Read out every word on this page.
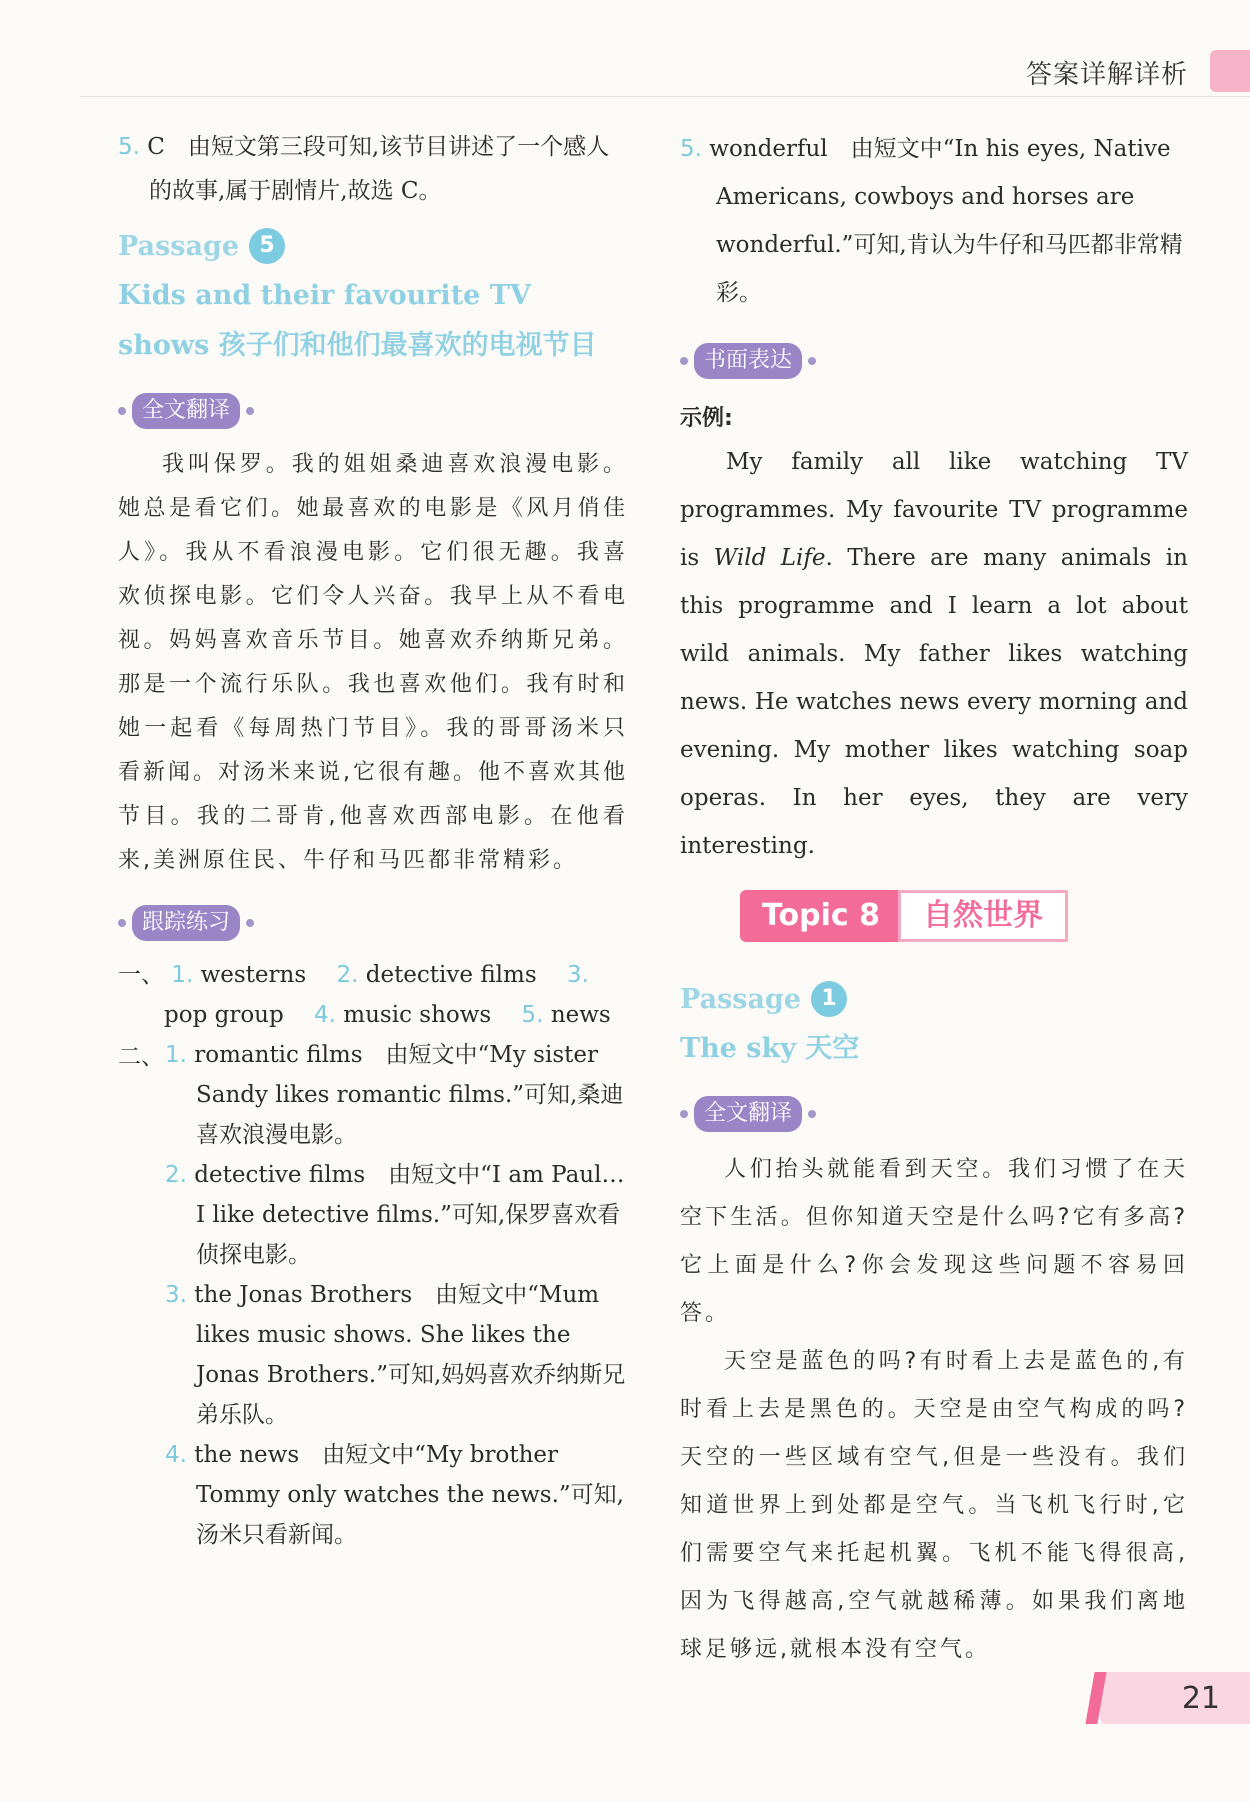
答案详解详析

5. C　由短文第三段可知,该节目讲述了一个感人的故事,属于剧情片,故选 C。

Passage 5
Kids and their favourite TV shows 孩子们和他们最喜欢的电视节目
全文翻译

我叫保罗。我的姐姐桑迪喜欢浪漫电影。她总是看它们。她最喜欢的电影是《风月俏佳人》。我从不看浪漫电影。它们很无趣。我喜欢侦探电影。它们令人兴奋。我早上从不看电视。妈妈喜欢音乐节目。她喜欢乔纳斯兄弟。那是一个流行乐队。我也喜欢他们。我有时和她一起看《每周热门节目》。我的哥哥汤米只看新闻。对汤米来说,它很有趣。他不喜欢其他节目。我的二哥肯,他喜欢西部电影。在他看来,美洲原住民、牛仔和马匹都非常精彩。

跟踪练习

一、 1. westerns　 2. detective films　 3. pop group　 4. music shows　 5. news

二、 1. romantic films　由短文中“My sister Sandy likes romantic films.”可知,桑迪喜欢浪漫电影。

2. detective films　由短文中“I am Paul… I like detective films.”可知,保罗喜欢看侦探电影。

3. the Jonas Brothers　由短文中“Mum likes music shows. She likes the Jonas Brothers.”可知,妈妈喜欢乔纳斯兄弟乐队。

4. the news　由短文中“My brother Tommy only watches the news.”可知,汤米只看新闻。

5. wonderful　由短文中“In his eyes, Native Americans, cowboys and horses are wonderful.”可知,肯认为牛仔和马匹都非常精彩。

书面表达
示例:

My family all like watching TV programmes. My favourite TV programme is Wild Life. There are many animals in this programme and I learn a lot about wild animals. My father likes watching news. He watches news every morning and evening. My mother likes watching soap operas. In her eyes, they are very interesting.

Topic 8	自然世界
Passage 1
The sky 天空
全文翻译

人们抬头就能看到天空。我们习惯了在天空下生活。但你知道天空是什么吗?它有多高?它上面是什么?你会发现这些问题不容易回答。

天空是蓝色的吗?有时看上去是蓝色的,有时看上去是黑色的。天空是由空气构成的吗?天空的一些区域有空气,但是一些没有。我们知道世界上到处都是空气。当飞机飞行时,它们需要空气来托起机翼。飞机不能飞得很高,因为飞得越高,空气就越稀薄。如果我们离地球足够远,就根本没有空气。

21
